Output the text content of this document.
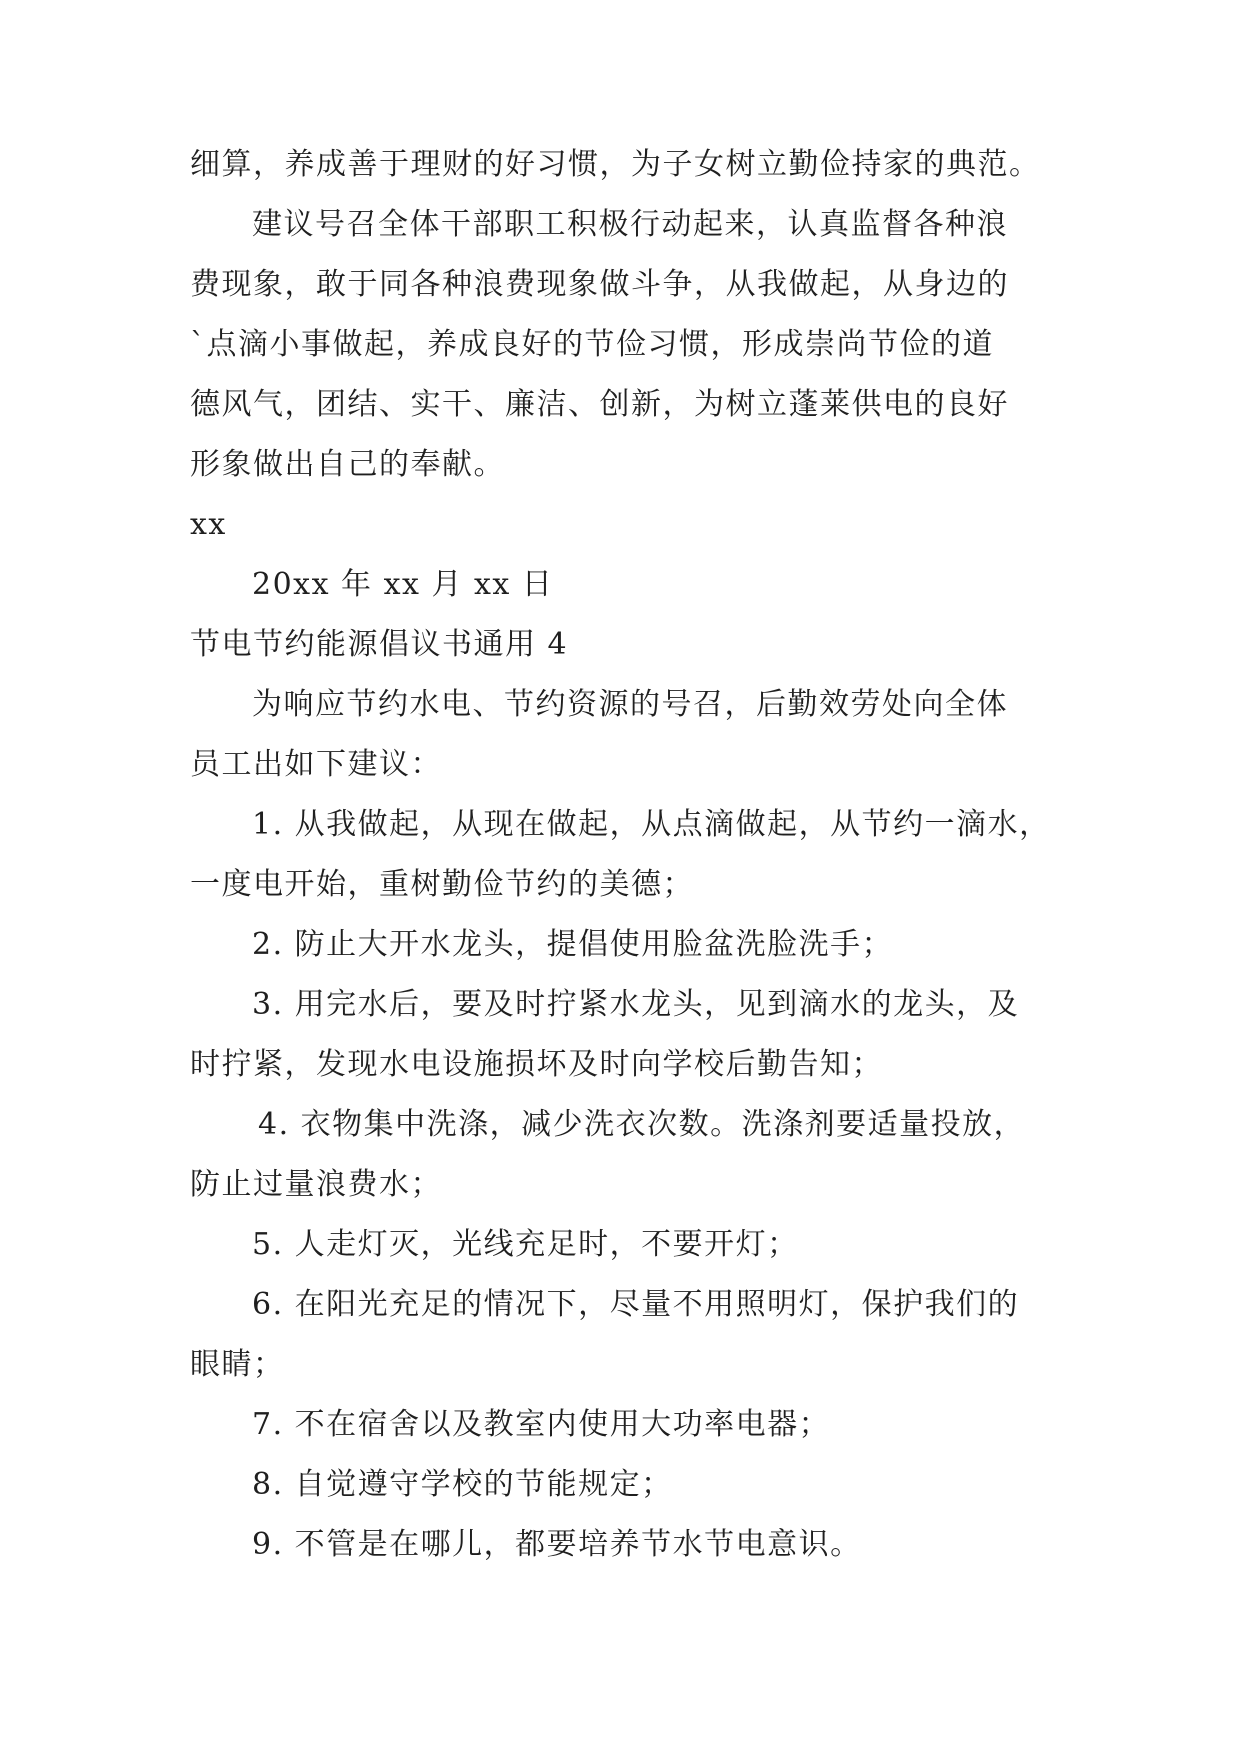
细算，养成善于理财的好习惯，为子女树立勤俭持家的典范。
建议号召全体干部职工积极行动起来，认真监督各种浪
费现象，敢于同各种浪费现象做斗争，从我做起，从身边的
`点滴小事做起，养成良好的节俭习惯，形成崇尚节俭的道
德风气，团结、实干、廉洁、创新，为树立蓬莱供电的良好
形象做出自己的奉献。
xx
20xx 年 xx 月 xx 日
节电节约能源倡议书通用 4
为响应节约水电、节约资源的号召，后勤效劳处向全体
员工出如下建议：
1. 从我做起，从现在做起，从点滴做起，从节约一滴水，
一度电开始，重树勤俭节约的美德；
2. 防止大开水龙头，提倡使用脸盆洗脸洗手；
3. 用完水后，要及时拧紧水龙头，见到滴水的龙头，及
时拧紧，发现水电设施损坏及时向学校后勤告知；
4. 衣物集中洗涤，减少洗衣次数。洗涤剂要适量投放，
防止过量浪费水；
5. 人走灯灭，光线充足时，不要开灯；
6. 在阳光充足的情况下，尽量不用照明灯，保护我们的
眼睛；
7. 不在宿舍以及教室内使用大功率电器；
8. 自觉遵守学校的节能规定；
9. 不管是在哪儿，都要培养节水节电意识。
